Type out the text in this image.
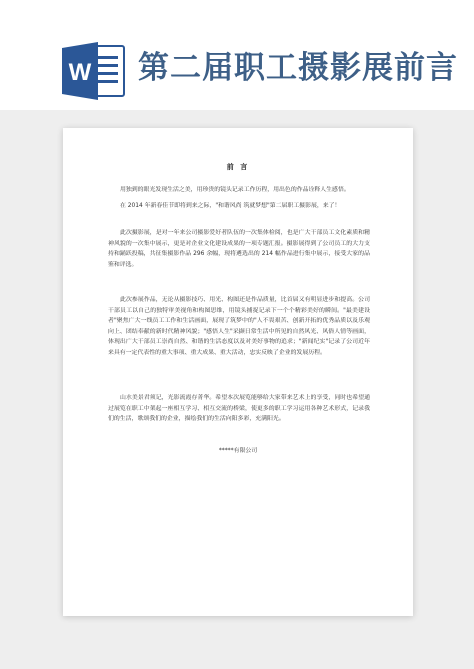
W 第二届职工摄影展前言
前 言

用独到的眼光发现生活之美，用珍贵的镜头记录工作历程，用出色的作品诠释人生感悟。

在 2014 年新春佳节即将到来之际，"和谐风尚 筑就梦想"第二届职工摄影展，来了！

此次摄影展，是对一年来公司摄影爱好者队伍的一次集体检阅，也是广大干部员工文化素质和精神风貌的一次集中展示，更是对企业文化建设成果的一项专题汇报。摄影展得到了公司员工的大力支持和踊跃投稿，共征集摄影作品 296 余幅，现将遴选出的 214 幅作品进行集中展示，接受大家的品鉴和评选。

此次参展作品，无论从摄影技巧、用光、构图还是作品质量，比首届又有明显进步和提高。公司干部员工以自己的独特审美视角和构图思维，用镜头捕捉记录下一个个精彩美好的瞬间。"最美建设者"聚焦广大一线员工工作和生活画面，展现了筑梦中的"人不畏艰苦、创新开拓的优秀品质以及乐观向上、团结奉献的新时代精神风貌；"感悟人生"采撷日常生活中所见的自然风光、风俗人情等画面，体现出广大干部员工崇尚自然、和谐的生活态度以及对美好事物的追求；"新闻纪实"记录了公司近年来具有一定代表性的重大事项、重大成果、重大活动，忠实反映了企业的发展历程。

山水美景君须记，光影流霞存菁华。希望本次展览能够给大家带来艺术上的享受，同时也希望通过展览在职工中架起一座相互学习、相互交流的桥梁，使更多的职工学习运用各种艺术形式，记录我们的生活，歌颂我们的企业，描绘我们的生活向阳多彩，充满阳光。

*****有限公司
